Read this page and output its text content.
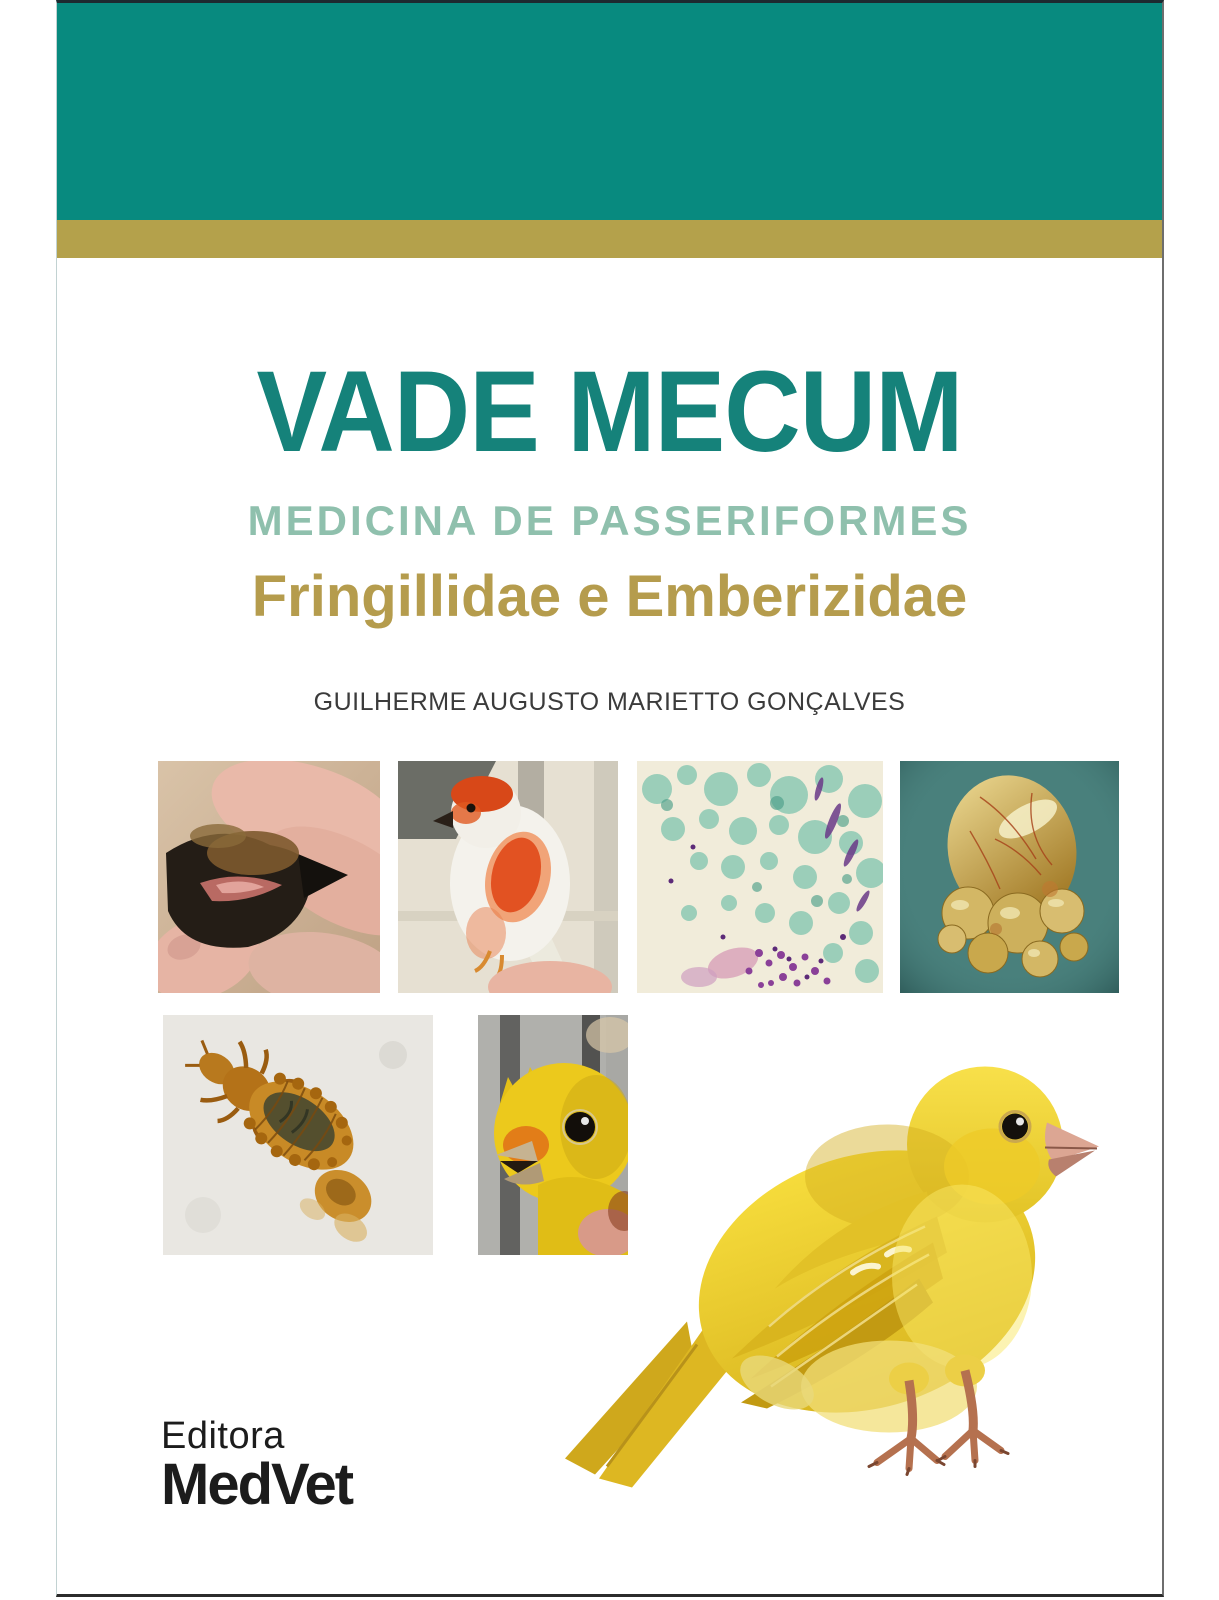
VADE MECUM
MEDICINA DE PASSERIFORMES
Fringillidae e Emberizidae
GUILHERME AUGUSTO MARIETTO GONÇALVES
Editora
MedVet
